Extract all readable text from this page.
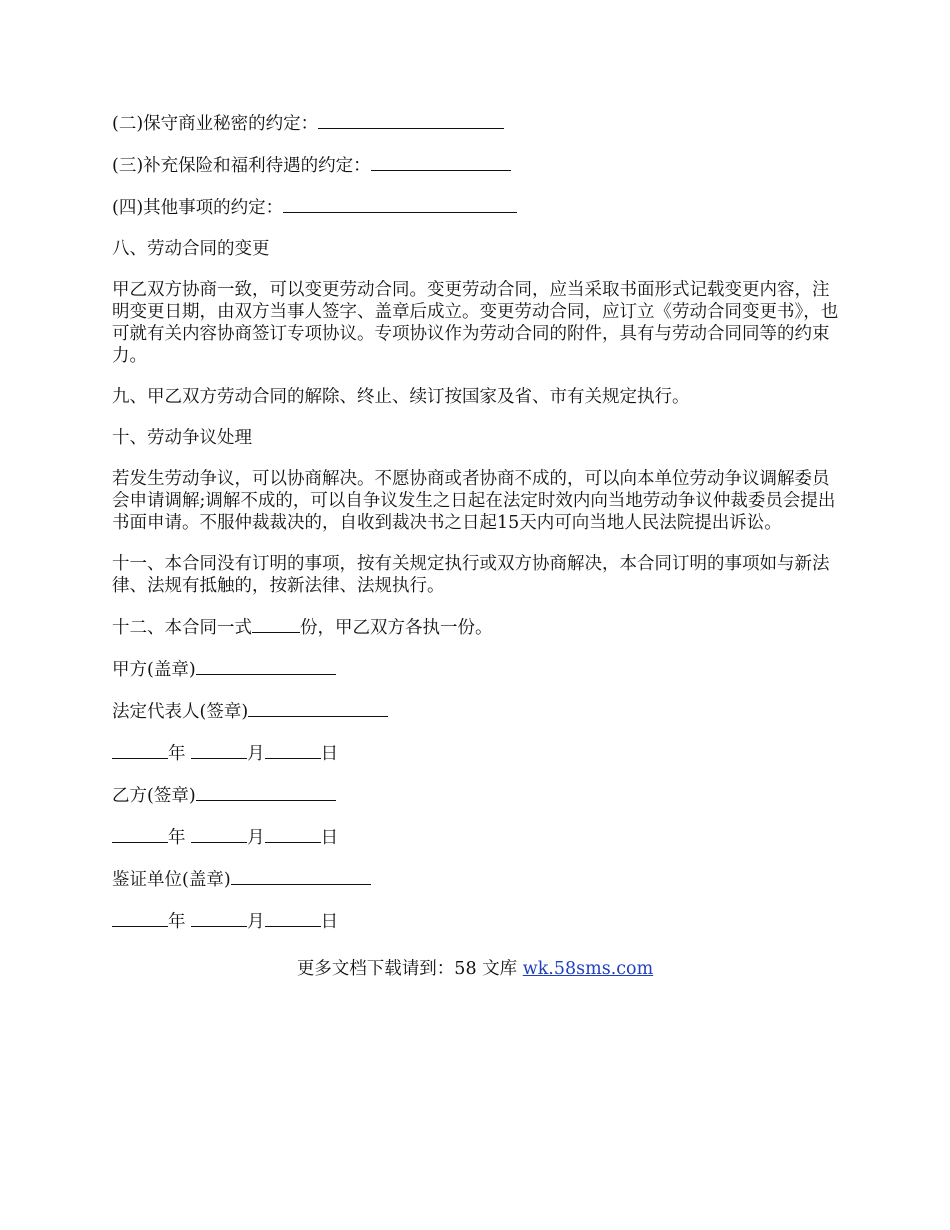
(二)保守商业秘密的约定：

(三)补充保险和福利待遇的约定：

(四)其他事项的约定：

八、劳动合同的变更

甲乙双方协商一致，可以变更劳动合同。变更劳动合同，应当采取书面形式记载变更内容，注明变更日期，由双方当事人签字、盖章后成立。变更劳动合同，应订立《劳动合同变更书》，也可就有关内容协商签订专项协议。专项协议作为劳动合同的附件，具有与劳动合同同等的约束力。

九、甲乙双方劳动合同的解除、终止、续订按国家及省、市有关规定执行。

十、劳动争议处理

若发生劳动争议，可以协商解决。不愿协商或者协商不成的，可以向本单位劳动争议调解委员会申请调解;调解不成的，可以自争议发生之日起在法定时效内向当地劳动争议仲裁委员会提出书面申请。不服仲裁裁决的，自收到裁决书之日起15天内可向当地人民法院提出诉讼。

十一、本合同没有订明的事项，按有关规定执行或双方协商解决，本合同订明的事项如与新法律、法规有抵触的，按新法律、法规执行。

十二、本合同一式	份，甲乙双方各执一份。

甲方(盖章)

法定代表人(签章)

年	月	日

乙方(签章)

年	月	日

鉴证单位(盖章)

年	月	日

更多文档下载请到：58 文库 wk.58sms.com
